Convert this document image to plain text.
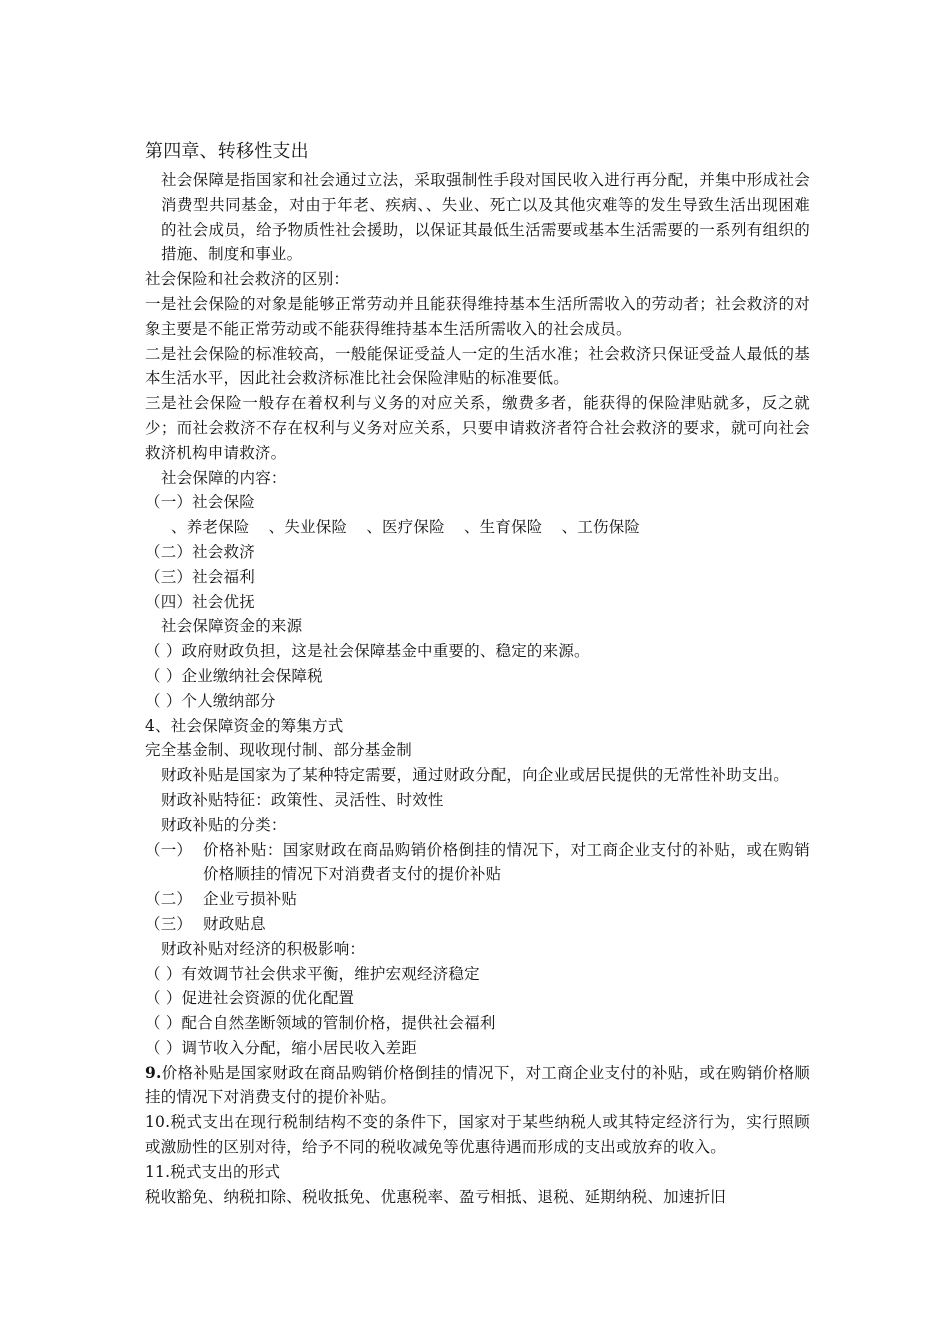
第四章、转移性支出
社会保障是指国家和社会通过立法，采取强制性手段对国民收入进行再分配，并集中形成社会消费型共同基金，对由于年老、疾病、、失业、死亡以及其他灾难等的发生导致生活出现困难的社会成员，给予物质性社会援助，以保证其最低生活需要或基本生活需要的一系列有组织的措施、制度和事业。
社会保险和社会救济的区别：
一是社会保险的对象是能够正常劳动并且能获得维持基本生活所需收入的劳动者；社会救济的对象主要是不能正常劳动或不能获得维持基本生活所需收入的社会成员。
二是社会保险的标准较高，一般能保证受益人一定的生活水准；社会救济只保证受益人最低的基本生活水平，因此社会救济标准比社会保险津贴的标准要低。
三是社会保险一般存在着权利与义务的对应关系，缴费多者，能获得的保险津贴就多，反之就少；而社会救济不存在权利与义务对应关系，只要申请救济者符合社会救济的要求，就可向社会救济机构申请救济。
社会保障的内容：
（一）社会保险
、养老保险 、失业保险 、医疗保险 、生育保险 、工伤保险
（二）社会救济
（三）社会福利
（四）社会优抚
社会保障资金的来源
（ ）政府财政负担，这是社会保障基金中重要的、稳定的来源。
（ ）企业缴纳社会保障税
（ ）个人缴纳部分
4、社会保障资金的筹集方式
完全基金制、现收现付制、部分基金制
财政补贴是国家为了某种特定需要，通过财政分配，向企业或居民提供的无常性补助支出。
财政补贴特征：政策性、灵活性、时效性
财政补贴的分类：
（一） 价格补贴：国家财政在商品购销价格倒挂的情况下，对工商企业支付的补贴，或在购销价格顺挂的情况下对消费者支付的提价补贴
（二） 企业亏损补贴
（三） 财政贴息
财政补贴对经济的积极影响：
（ ）有效调节社会供求平衡，维护宏观经济稳定
（ ）促进社会资源的优化配置
（ ）配合自然垄断领域的管制价格，提供社会福利
（ ）调节收入分配，缩小居民收入差距
9.价格补贴是国家财政在商品购销价格倒挂的情况下，对工商企业支付的补贴，或在购销价格顺挂的情况下对消费支付的提价补贴。
10.税式支出在现行税制结构不变的条件下，国家对于某些纳税人或其特定经济行为，实行照顾或激励性的区别对待，给予不同的税收减免等优惠待遇而形成的支出或放弃的收入。
11.税式支出的形式
税收豁免、纳税扣除、税收抵免、优惠税率、盈亏相抵、退税、延期纳税、加速折旧
